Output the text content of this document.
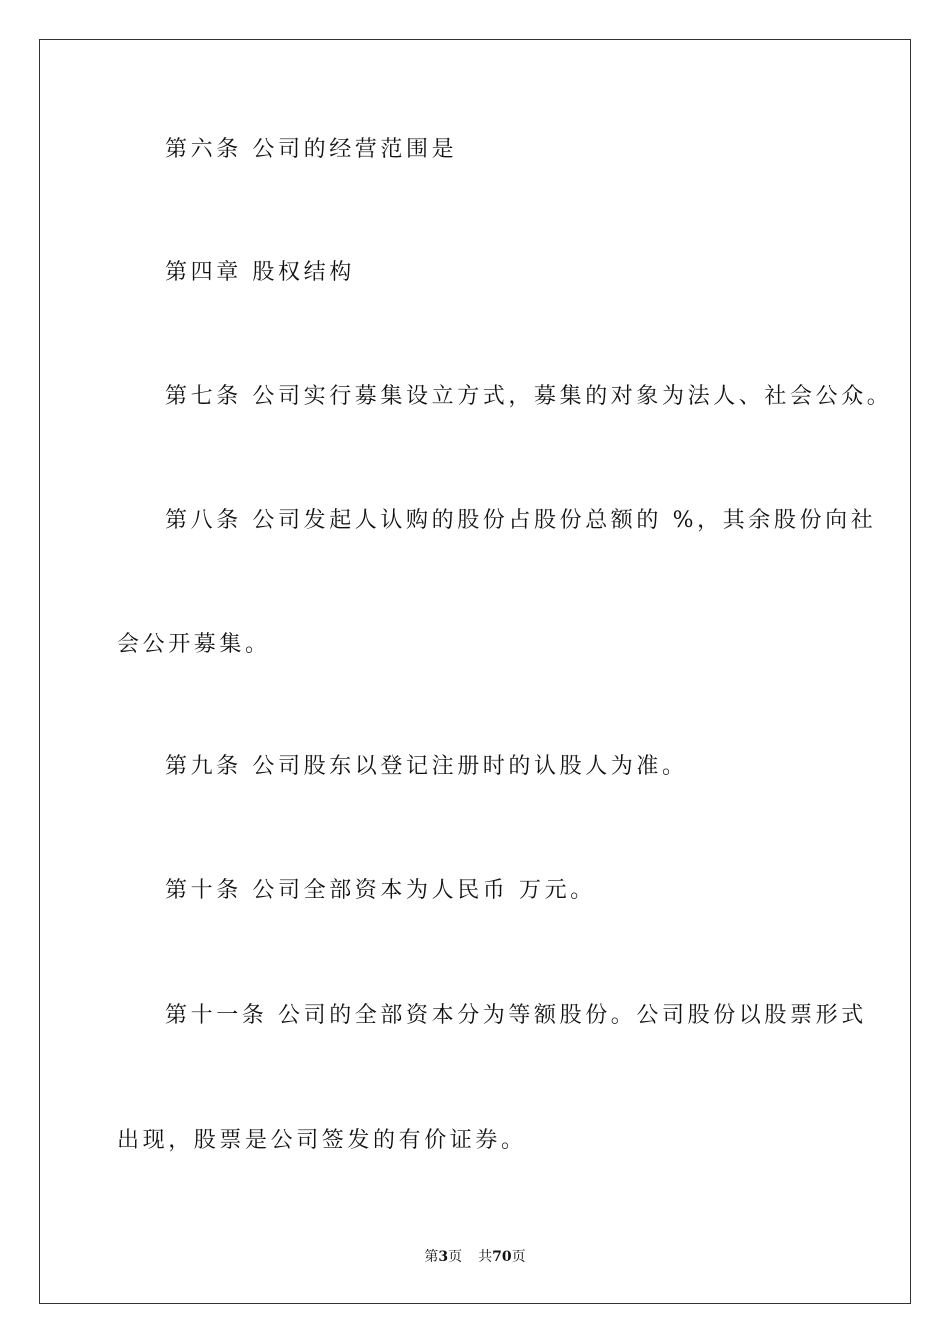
第六条 公司的经营范围是
第四章 股权结构
第七条 公司实行募集设立方式，募集的对象为法人、社会公众。
第八条 公司发起人认购的股份占股份总额的 %，其余股份向社
会公开募集。
第九条 公司股东以登记注册时的认股人为准。
第十条 公司全部资本为人民币 万元。
第十一条 公司的全部资本分为等额股份。公司股份以股票形式
出现，股票是公司签发的有价证券。
第3页 共70页
